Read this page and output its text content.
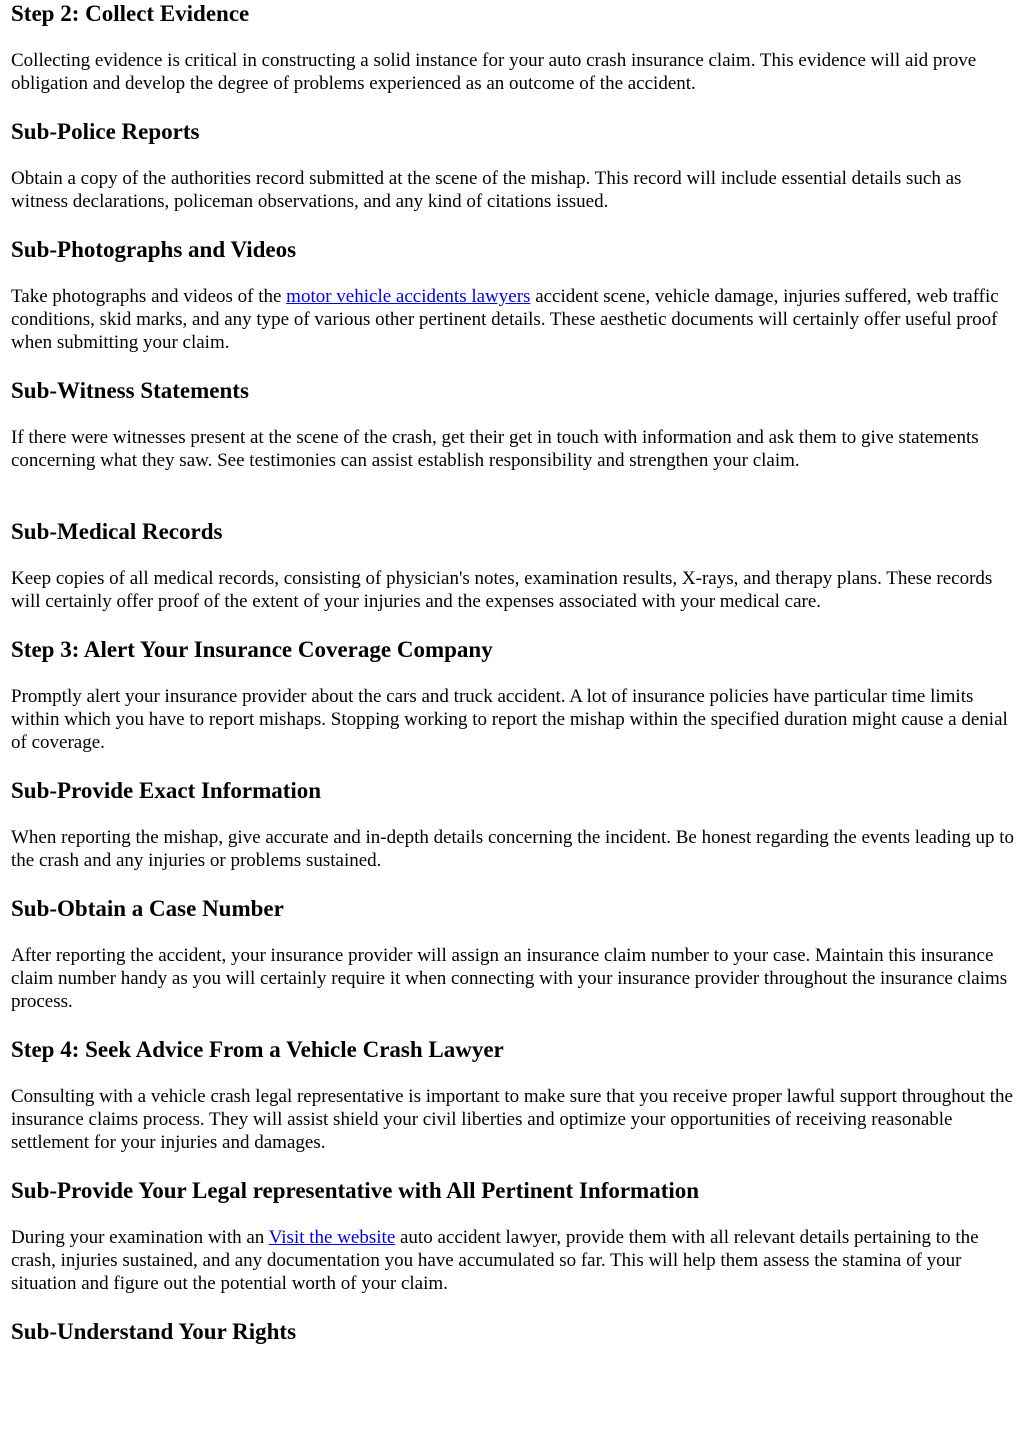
Step 2: Collect Evidence

Collecting evidence is critical in constructing a solid instance for your auto crash insurance claim. This evidence will aid prove obligation and develop the degree of problems experienced as an outcome of the accident.

Sub-Police Reports

Obtain a copy of the authorities record submitted at the scene of the mishap. This record will include essential details such as witness declarations, policeman observations, and any kind of citations issued.

Sub-Photographs and Videos

Take photographs and videos of the motor vehicle accidents lawyers accident scene, vehicle damage, injuries suffered, web traffic conditions, skid marks, and any type of various other pertinent details. These aesthetic documents will certainly offer useful proof when submitting your claim.

Sub-Witness Statements

If there were witnesses present at the scene of the crash, get their get in touch with information and ask them to give statements concerning what they saw. See testimonies can assist establish responsibility and strengthen your claim.

Sub-Medical Records

Keep copies of all medical records, consisting of physician's notes, examination results, X-rays, and therapy plans. These records will certainly offer proof of the extent of your injuries and the expenses associated with your medical care.

Step 3: Alert Your Insurance Coverage Company

Promptly alert your insurance provider about the cars and truck accident. A lot of insurance policies have particular time limits within which you have to report mishaps. Stopping working to report the mishap within the specified duration might cause a denial of coverage.

Sub-Provide Exact Information

When reporting the mishap, give accurate and in-depth details concerning the incident. Be honest regarding the events leading up to the crash and any injuries or problems sustained.

Sub-Obtain a Case Number

After reporting the accident, your insurance provider will assign an insurance claim number to your case. Maintain this insurance claim number handy as you will certainly require it when connecting with your insurance provider throughout the insurance claims process.

Step 4: Seek Advice From a Vehicle Crash Lawyer

Consulting with a vehicle crash legal representative is important to make sure that you receive proper lawful support throughout the insurance claims process. They will assist shield your civil liberties and optimize your opportunities of receiving reasonable settlement for your injuries and damages.

Sub-Provide Your Legal representative with All Pertinent Information

During your examination with an Visit the website auto accident lawyer, provide them with all relevant details pertaining to the crash, injuries sustained, and any documentation you have accumulated so far. This will help them assess the stamina of your situation and figure out the potential worth of your claim.

Sub-Understand Your Rights
